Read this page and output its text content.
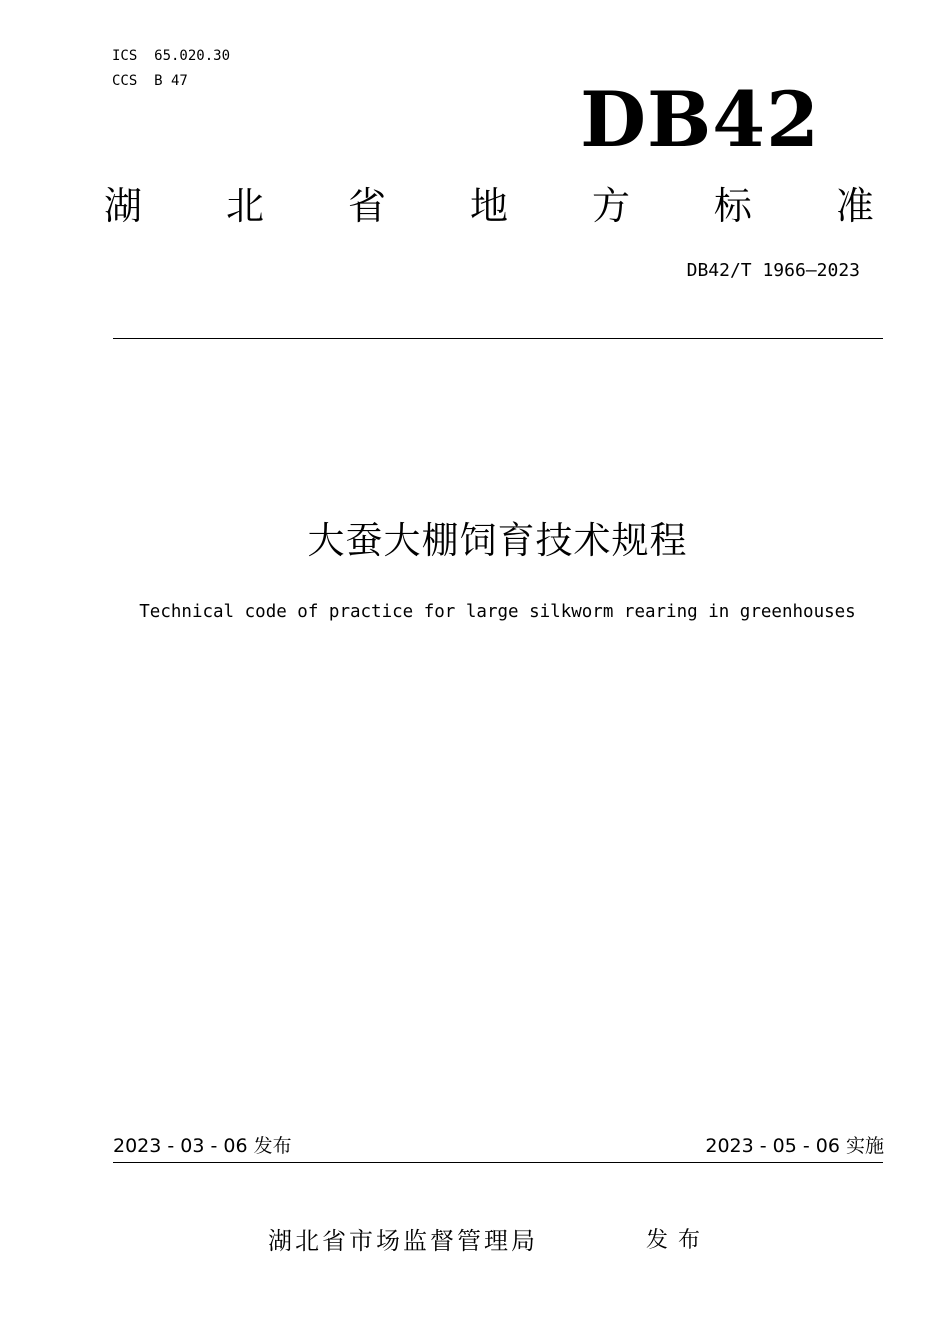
ICS  65.020.30
CCS  B 47	DB42
湖 北 省 地 方 标 准
DB42/T 1966—2023
大蚕大棚饲育技术规程
Technical code of practice for large silkworm rearing in greenhouses
2023 - 03 - 06 发布	2023 - 05 - 06 实施
湖北省市场监督管理局	发布
